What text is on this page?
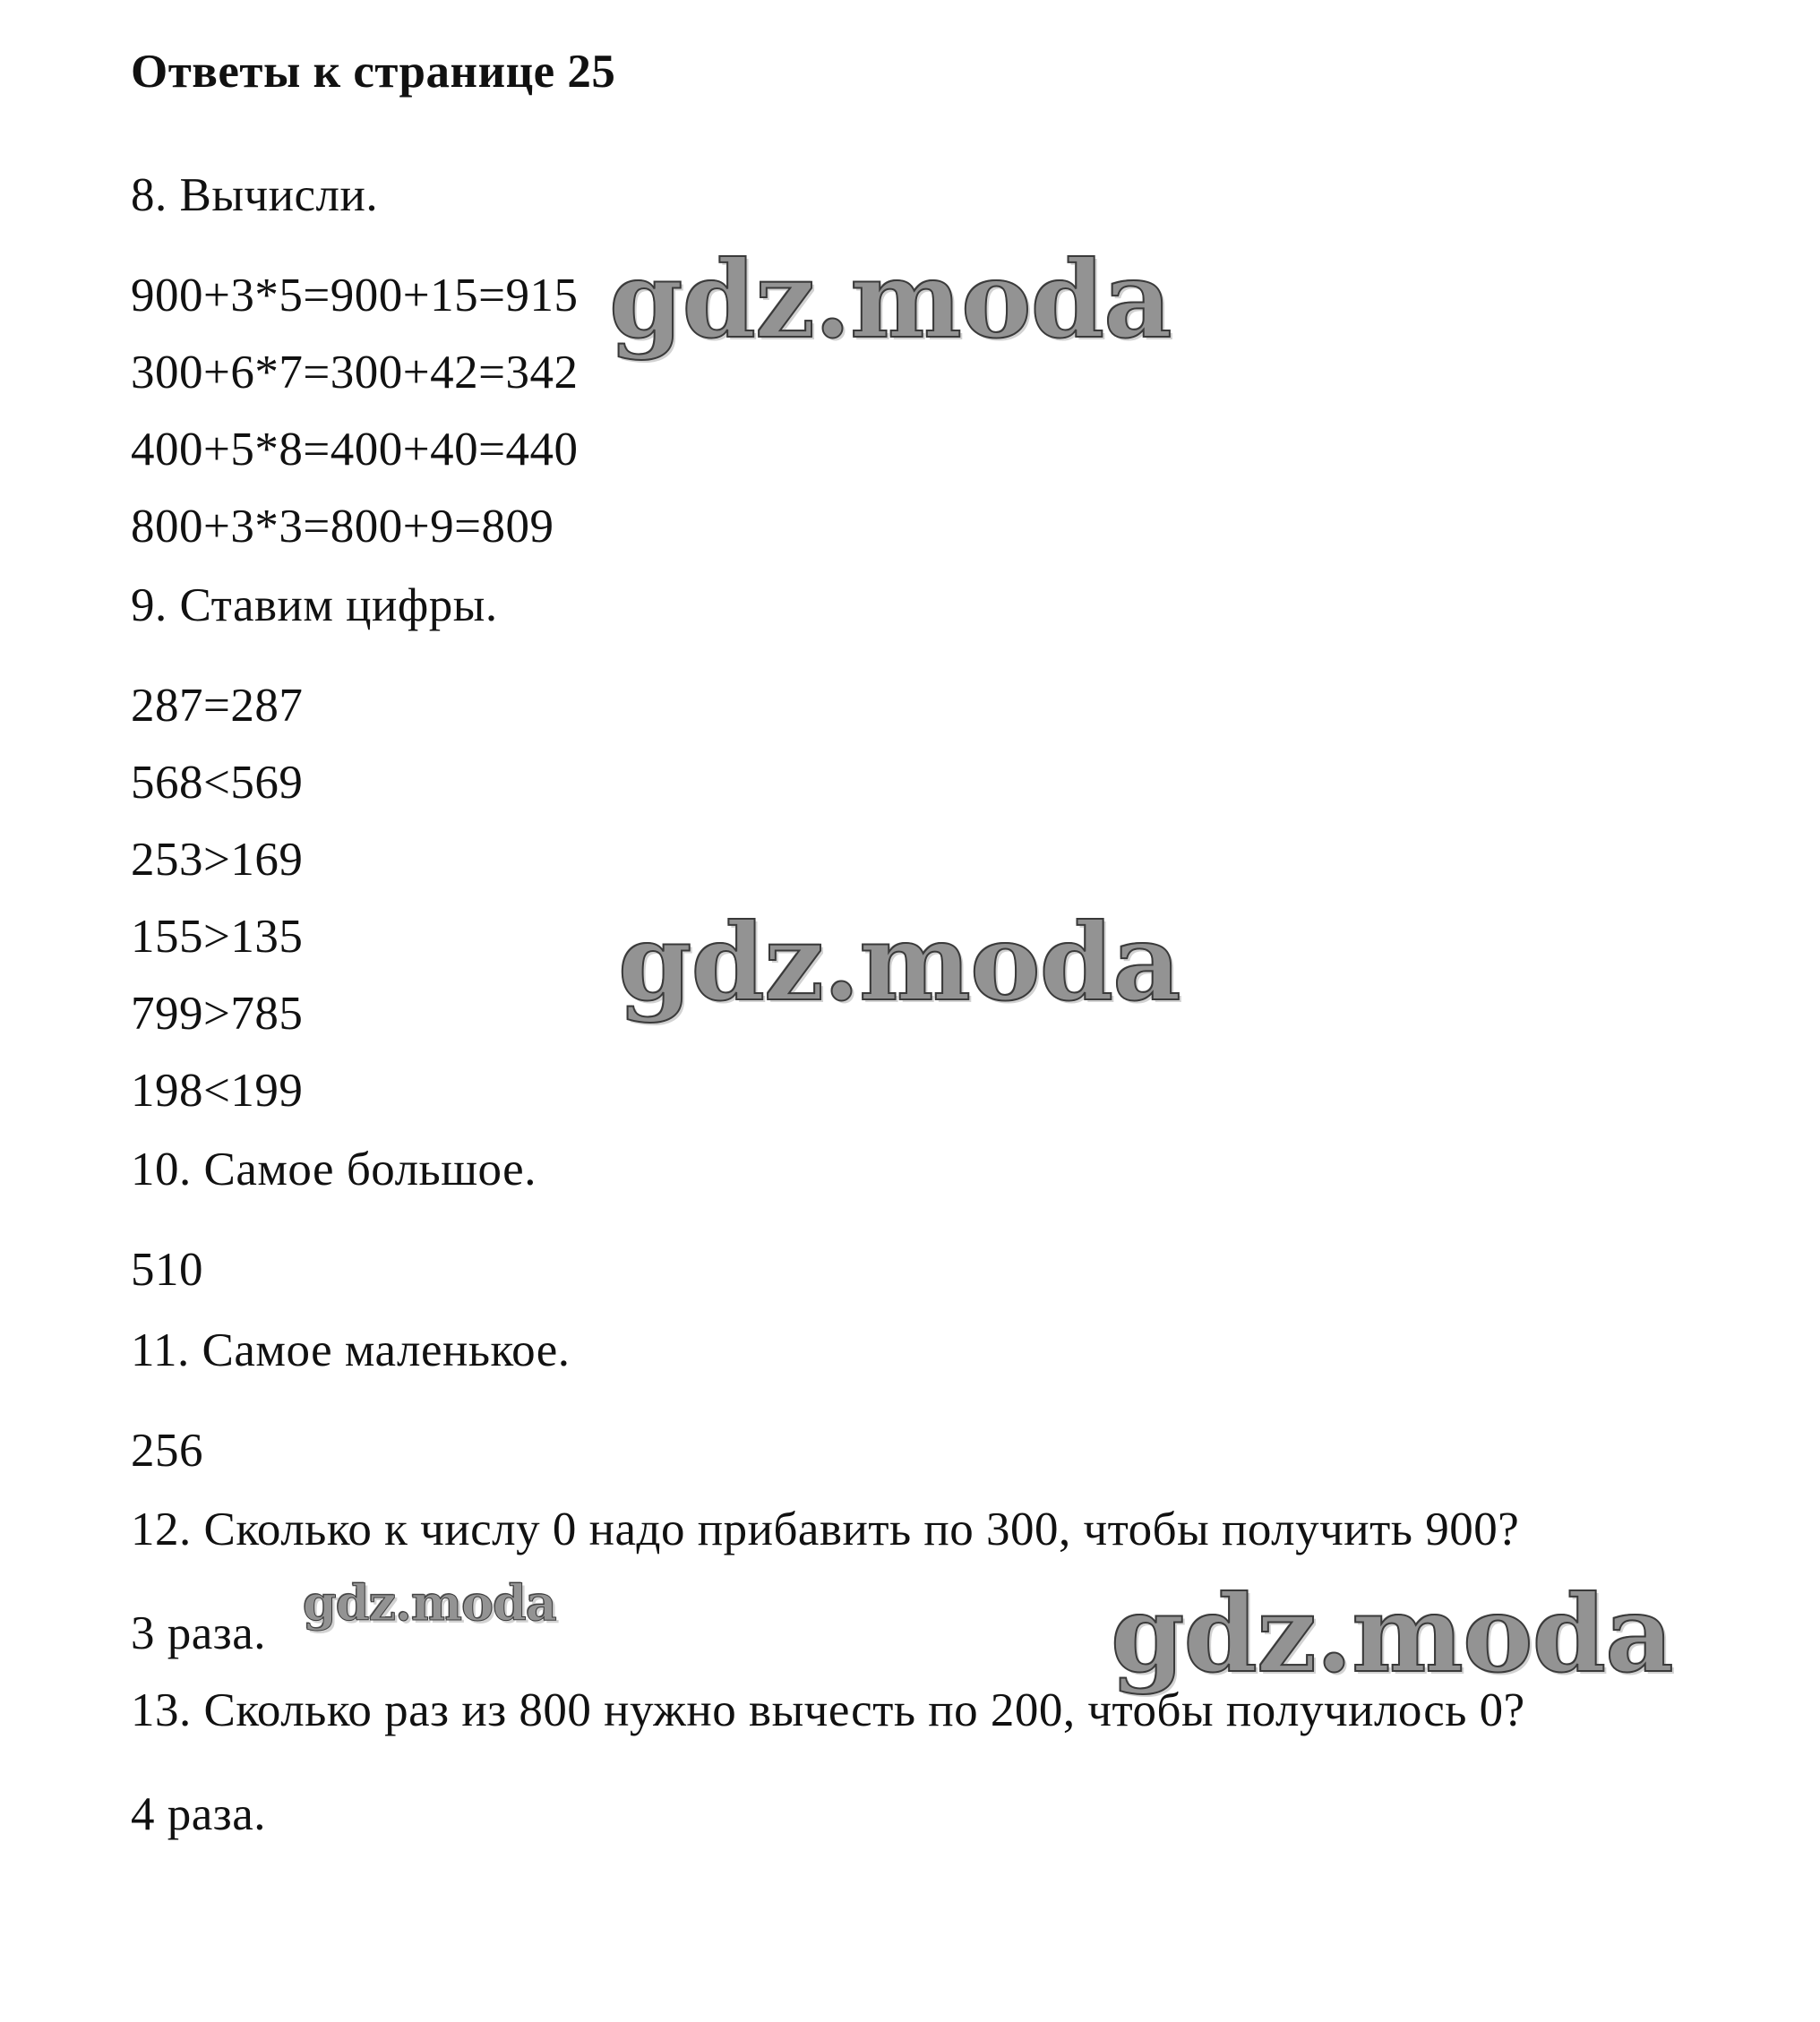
Ответы к странице 25
8. Вычисли.
900+3*5=900+15=915
300+6*7=300+42=342
400+5*8=400+40=440
800+3*3=800+9=809
9. Ставим цифры.
287=287
568<569
253>169
155>135
799>785
198<199
10. Самое большое.
510
11. Самое маленькое.
256
12. Сколько к числу 0 надо прибавить по 300, чтобы получить 900?
3 раза.
13. Сколько раз из 800 нужно вычесть по 200, чтобы получилось 0?
4 раза.
gdz.moda
gdz.moda
gdz.moda	gdz.moda
